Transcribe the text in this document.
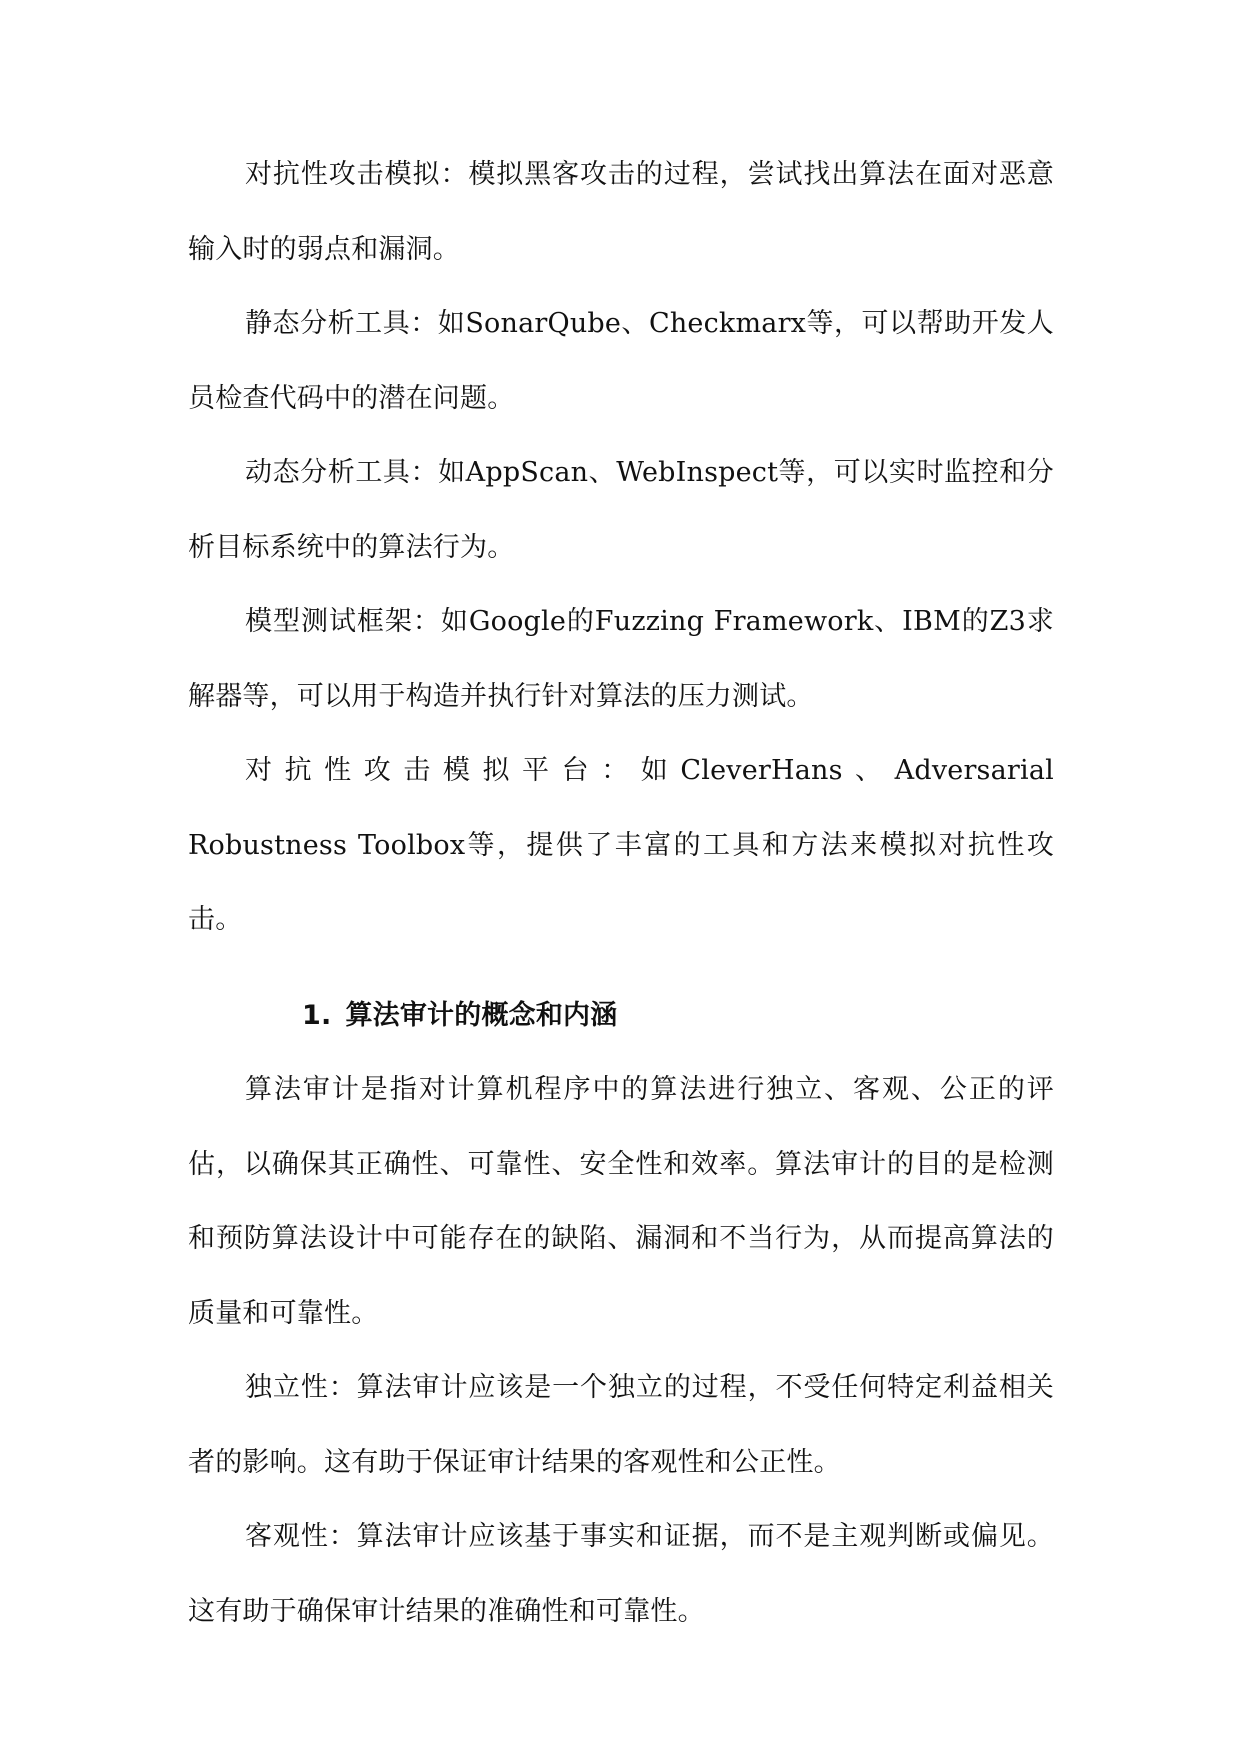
对抗性攻击模拟：模拟黑客攻击的过程，尝试找出算法在面对恶意输入时的弱点和漏洞。

静态分析工具：如SonarQube、Checkmarx等，可以帮助开发人员检查代码中的潜在问题。

动态分析工具：如AppScan、WebInspect等，可以实时监控和分析目标系统中的算法行为。

模型测试框架：如Google的Fuzzing Framework、IBM的Z3求解器等，可以用于构造并执行针对算法的压力测试。

对抗性攻击模拟平台：如CleverHans、Adversarial Robustness Toolbox等，提供了丰富的工具和方法来模拟对抗性攻击。

1. 算法审计的概念和内涵

算法审计是指对计算机程序中的算法进行独立、客观、公正的评估，以确保其正确性、可靠性、安全性和效率。算法审计的目的是检测和预防算法设计中可能存在的缺陷、漏洞和不当行为，从而提高算法的质量和可靠性。

独立性：算法审计应该是一个独立的过程，不受任何特定利益相关者的影响。这有助于保证审计结果的客观性和公正性。

客观性：算法审计应该基于事实和证据，而不是主观判断或偏见。这有助于确保审计结果的准确性和可靠性。
